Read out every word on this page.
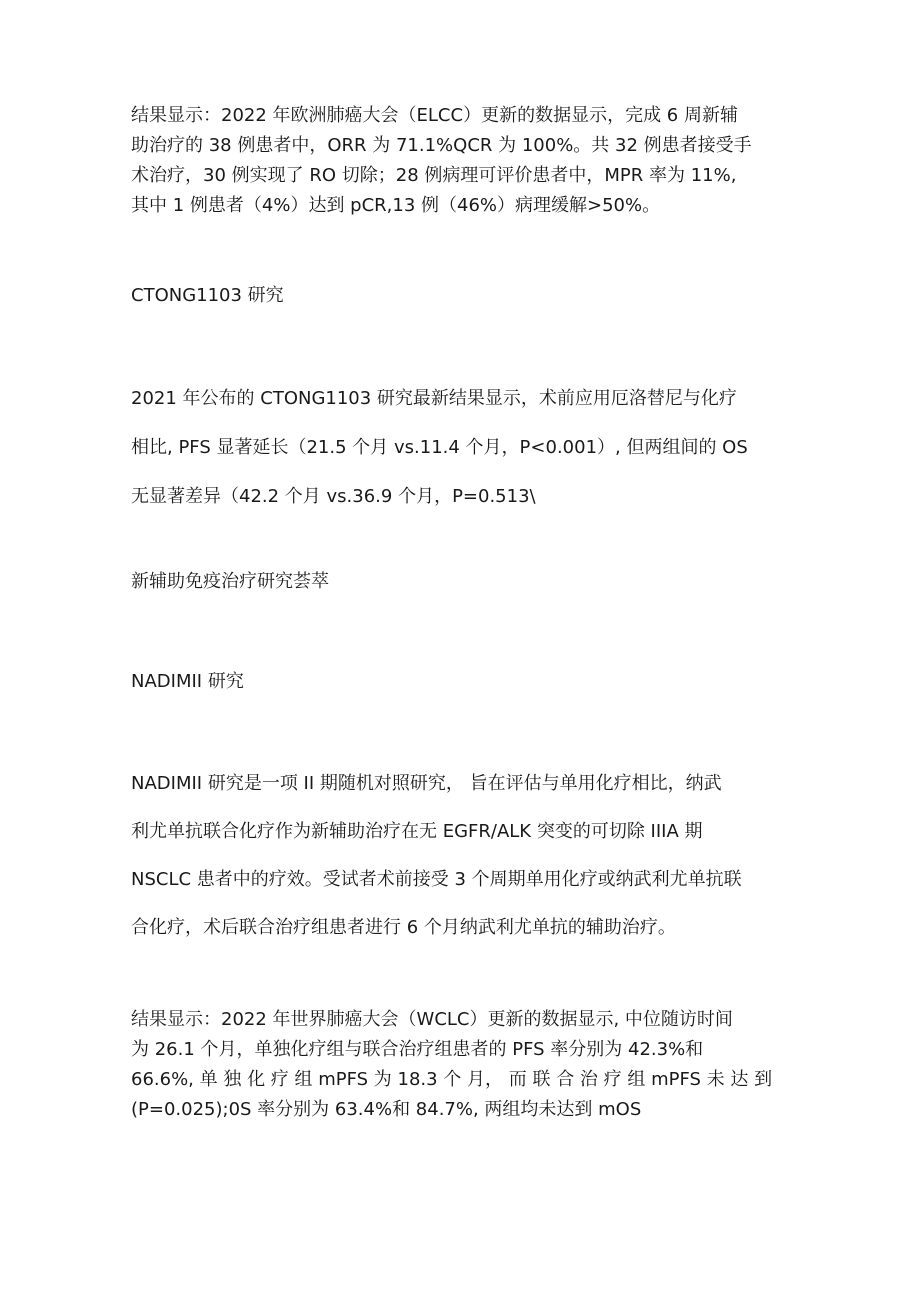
结果显示：2022 年欧洲肺癌大会（ELCC）更新的数据显示，完成 6 周新辅
助治疗的 38 例患者中，ORR 为 71.1%QCR 为 100%。共 32 例患者接受手
术治疗，30 例实现了 RO 切除；28 例病理可评价患者中，MPR 率为 11%,
其中 1 例患者（4%）达到 pCR,13 例（46%）病理缓解>50%。
CTONG1103 研究
2021 年公布的 CTONG1103 研究最新结果显示，术前应用厄洛替尼与化疗
相比, PFS 显著延长（21.5 个月 vs.11.4 个月，P<0.001）, 但两组间的 OS
无显著差异（42.2 个月 vs.36.9 个月，P=0.513\
新辅助免疫治疗研究荟萃
NADIMII 研究
NADIMII 研究是一项 II 期随机对照研究， 旨在评估与单用化疗相比，纳武
利尤单抗联合化疗作为新辅助治疗在无 EGFR/ALK 突变的可切除 IIIA 期
NSCLC 患者中的疗效。受试者术前接受 3 个周期单用化疗或纳武利尤单抗联
合化疗，术后联合治疗组患者进行 6 个月纳武利尤单抗的辅助治疗。
结果显示：2022 年世界肺癌大会（WCLC）更新的数据显示, 中位随访时间
为 26.1 个月，单独化疗组与联合治疗组患者的 PFS 率分别为 42.3%和
66.6%, 单 独 化 疗 组 mPFS 为 18.3 个 月， 而 联 合 治 疗 组 mPFS 未 达 到
(P=0.025);0S 率分别为 63.4%和 84.7%, 两组均未达到 mOS
